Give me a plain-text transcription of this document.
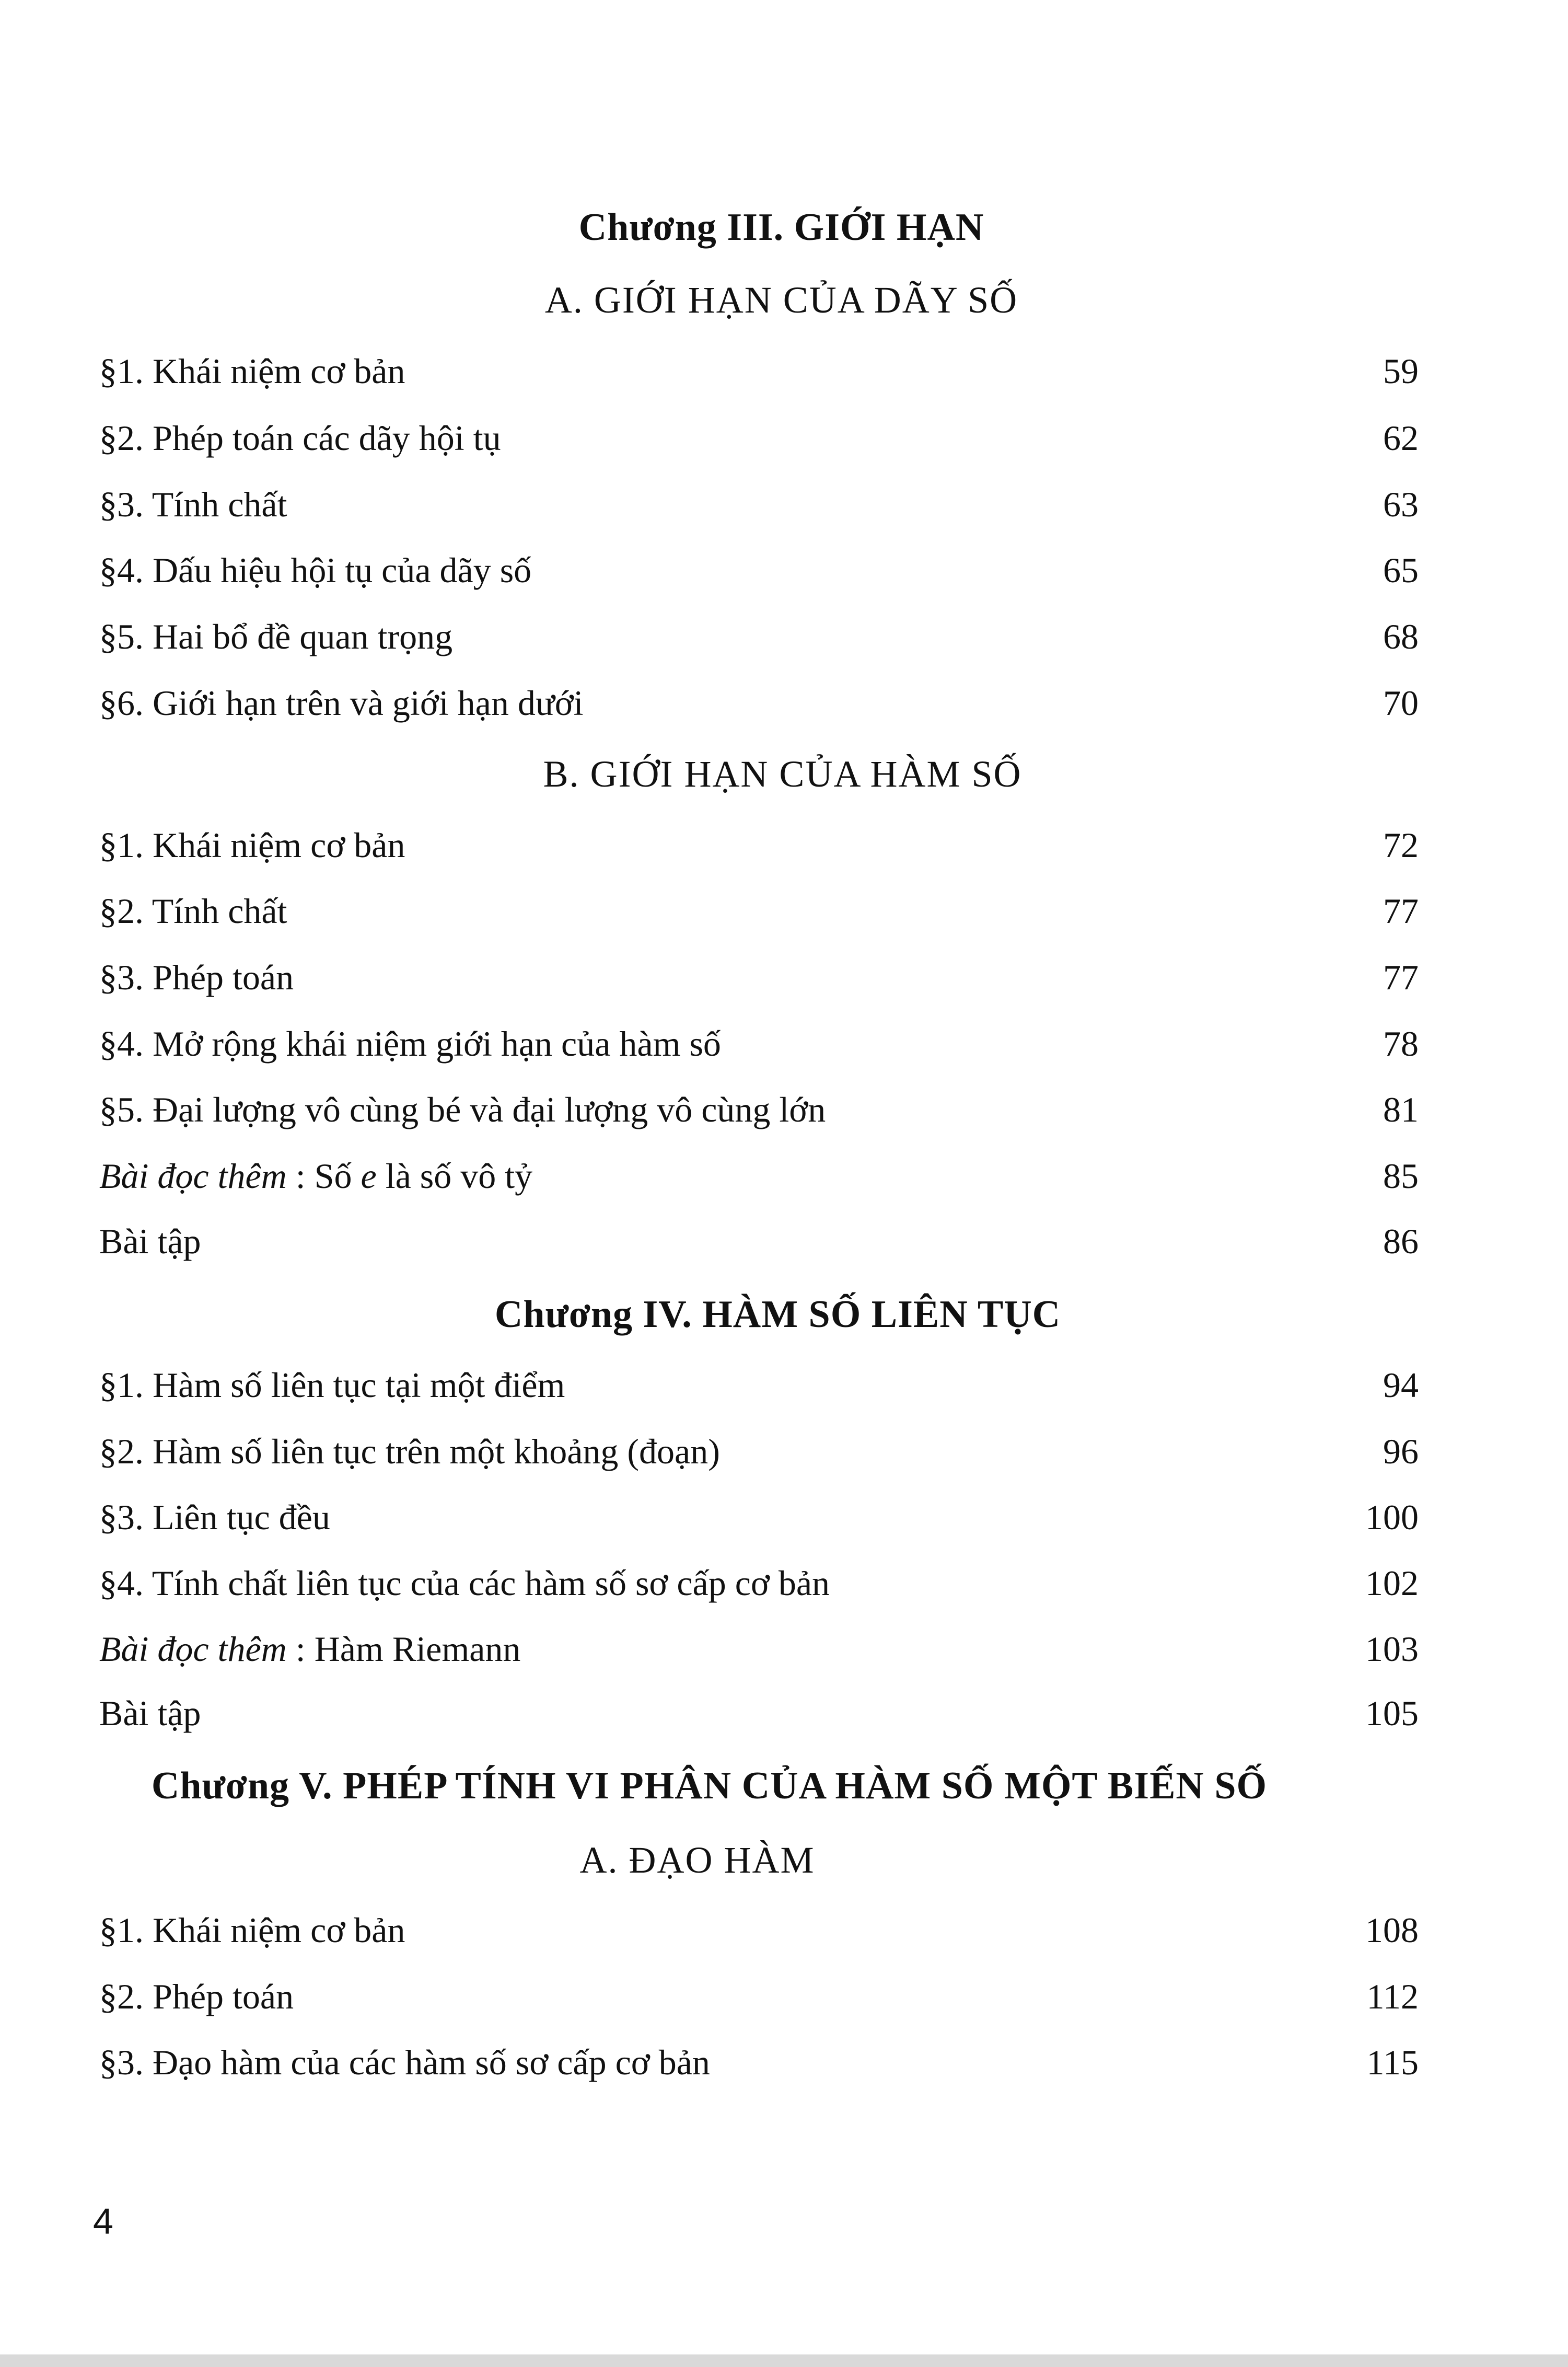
Chương III. GIỚI HẠN
A. GIỚI HẠN CỦA DÃY SỐ
§1. Khái niệm cơ bản	59
§2. Phép toán các dãy hội tụ	62
§3. Tính chất	63
§4. Dấu hiệu hội tụ của dãy số	65
§5. Hai bổ đề quan trọng	68
§6. Giới hạn trên và giới hạn dưới	70
B. GIỚI HẠN CỦA HÀM SỐ
§1. Khái niệm cơ bản	72
§2. Tính chất	77
§3. Phép toán	77
§4. Mở rộng khái niệm giới hạn của hàm số	78
§5. Đại lượng vô cùng bé và đại lượng vô cùng lớn	81
Bài đọc thêm : Số e là số vô tỷ	85
Bài tập	86
Chương IV. HÀM SỐ LIÊN TỤC
§1. Hàm số liên tục tại một điểm	94
§2. Hàm số liên tục trên một khoảng (đoạn)	96
§3. Liên tục đều	100
§4. Tính chất liên tục của các hàm số sơ cấp cơ bản	102
Bài đọc thêm : Hàm Riemann	103
Bài tập	105
Chương V. PHÉP TÍNH VI PHÂN CỦA HÀM SỐ MỘT BIẾN SỐ
A. ĐẠO HÀM
§1. Khái niệm cơ bản	108
§2. Phép toán	112
§3. Đạo hàm của các hàm số sơ cấp cơ bản	115
4
